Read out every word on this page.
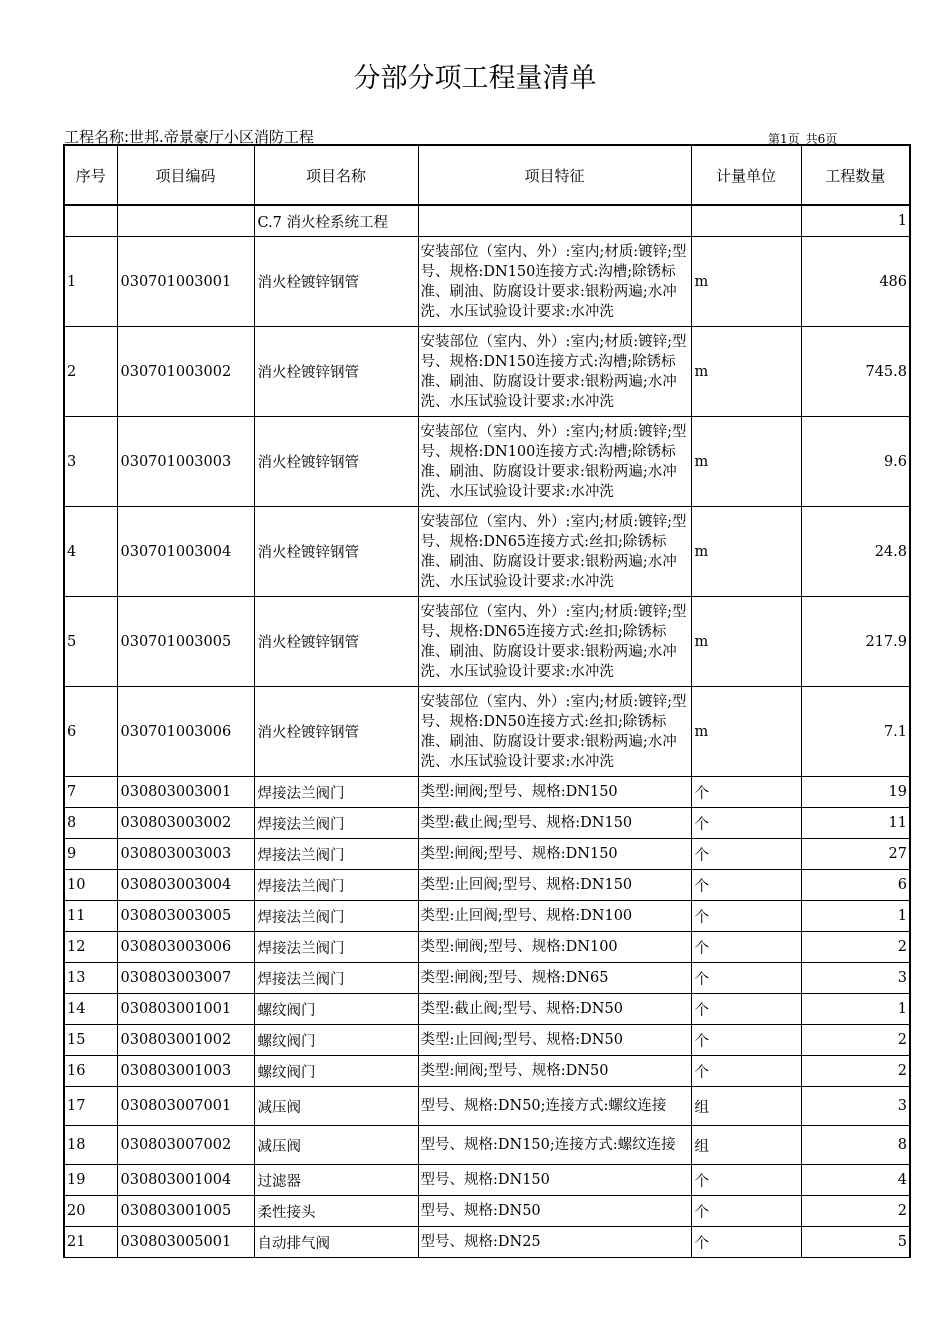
分部分项工程量清单
工程名称:世邦.帝景豪厅小区消防工程	第1页 共6页
序号	项目编码	项目名称	项目特征	计量单位	工程数量
		C.7 消火栓系统工程			1
1	030701003001	消火栓镀锌钢管	安装部位（室内、外）:室内;材质:镀锌;型号、规格:DN150连接方式:沟槽;除锈标准、刷油、防腐设计要求:银粉两遍;水冲洗、水压试验设计要求:水冲洗	m	486
2	030701003002	消火栓镀锌钢管	安装部位（室内、外）:室内;材质:镀锌;型号、规格:DN150连接方式:沟槽;除锈标准、刷油、防腐设计要求:银粉两遍;水冲洗、水压试验设计要求:水冲洗	m	745.8
3	030701003003	消火栓镀锌钢管	安装部位（室内、外）:室内;材质:镀锌;型号、规格:DN100连接方式:沟槽;除锈标准、刷油、防腐设计要求:银粉两遍;水冲洗、水压试验设计要求:水冲洗	m	9.6
4	030701003004	消火栓镀锌钢管	安装部位（室内、外）:室内;材质:镀锌;型号、规格:DN65连接方式:丝扣;除锈标准、刷油、防腐设计要求:银粉两遍;水冲洗、水压试验设计要求:水冲洗	m	24.8
5	030701003005	消火栓镀锌钢管	安装部位（室内、外）:室内;材质:镀锌;型号、规格:DN65连接方式:丝扣;除锈标准、刷油、防腐设计要求:银粉两遍;水冲洗、水压试验设计要求:水冲洗	m	217.9
6	030701003006	消火栓镀锌钢管	安装部位（室内、外）:室内;材质:镀锌;型号、规格:DN50连接方式:丝扣;除锈标准、刷油、防腐设计要求:银粉两遍;水冲洗、水压试验设计要求:水冲洗	m	7.1
7	030803003001	焊接法兰阀门	类型:闸阀;型号、规格:DN150	个	19
8	030803003002	焊接法兰阀门	类型:截止阀;型号、规格:DN150	个	11
9	030803003003	焊接法兰阀门	类型:闸阀;型号、规格:DN150	个	27
10	030803003004	焊接法兰阀门	类型:止回阀;型号、规格:DN150	个	6
11	030803003005	焊接法兰阀门	类型:止回阀;型号、规格:DN100	个	1
12	030803003006	焊接法兰阀门	类型:闸阀;型号、规格:DN100	个	2
13	030803003007	焊接法兰阀门	类型:闸阀;型号、规格:DN65	个	3
14	030803001001	螺纹阀门	类型:截止阀;型号、规格:DN50	个	1
15	030803001002	螺纹阀门	类型:止回阀;型号、规格:DN50	个	2
16	030803001003	螺纹阀门	类型:闸阀;型号、规格:DN50	个	2
17	030803007001	减压阀	型号、规格:DN50;连接方式:螺纹连接	组	3
18	030803007002	减压阀	型号、规格:DN150;连接方式:螺纹连接	组	8
19	030803001004	过滤器	型号、规格:DN150	个	4
20	030803001005	柔性接头	型号、规格:DN50	个	2
21	030803005001	自动排气阀	型号、规格:DN25	个	5
